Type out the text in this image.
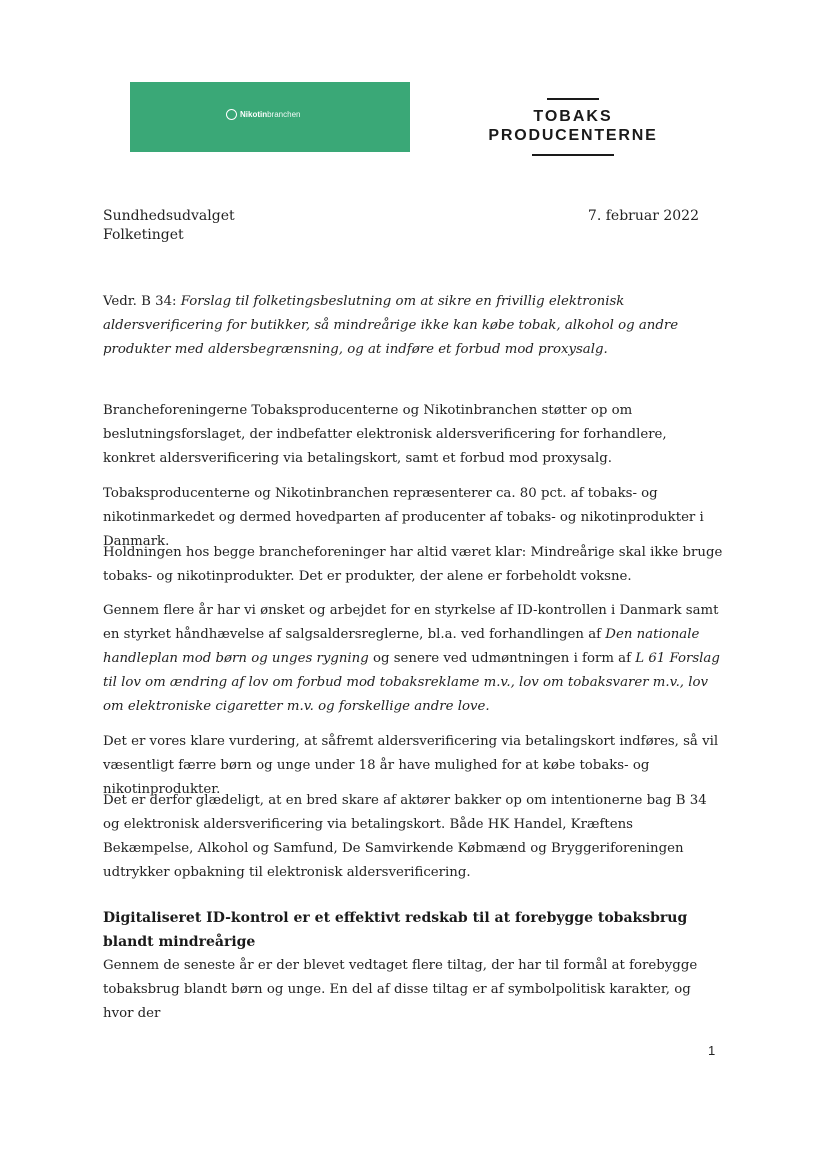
Nikotin branchen	TOBAKS
PRODUCENTERNE
Sundhedsudvalget
Folketinget
7. februar 2022

Vedr. B 34: Forslag til folketingsbeslutning om at sikre en frivillig elektronisk aldersverificering for butikker, så mindreårige ikke kan købe tobak, alkohol og andre produkter med aldersbegrænsning, og at indføre et forbud mod proxysalg.

Brancheforeningerne Tobaksproducenterne og Nikotinbranchen støtter op om beslutningsforslaget, der indbefatter elektronisk aldersverificering for forhandlere, konkret aldersverificering via betalingskort, samt et forbud mod proxysalg.

Tobaksproducenterne og Nikotinbranchen repræsenterer ca. 80 pct. af tobaks- og nikotinmarkedet og dermed hovedparten af producenter af tobaks- og nikotinprodukter i Danmark.

Holdningen hos begge brancheforeninger har altid været klar: Mindreårige skal ikke bruge tobaks- og nikotinprodukter. Det er produkter, der alene er forbeholdt voksne.

Gennem flere år har vi ønsket og arbejdet for en styrkelse af ID-kontrollen i Danmark samt en styrket håndhævelse af salgsaldersreglerne, bl.a. ved forhandlingen af Den nationale handleplan mod børn og unges rygning og senere ved udmøntningen i form af L 61 Forslag til lov om ændring af lov om forbud mod tobaksreklame m.v., lov om tobaksvarer m.v., lov om elektroniske cigaretter m.v. og forskellige andre love.

Det er vores klare vurdering, at såfremt aldersverificering via betalingskort indføres, så vil væsentligt færre børn og unge under 18 år have mulighed for at købe tobaks- og nikotinprodukter.

Det er derfor glædeligt, at en bred skare af aktører bakker op om intentionerne bag B 34 og elektronisk aldersverificering via betalingskort. Både HK Handel, Kræftens Bekæmpelse, Alkohol og Samfund, De Samvirkende Købmænd og Bryggeriforeningen udtrykker opbakning til elektronisk aldersverificering.

Digitaliseret ID-kontrol er et effektivt redskab til at forebygge tobaksbrug blandt mindreårige

Gennem de seneste år er der blevet vedtaget flere tiltag, der har til formål at forebygge tobaksbrug blandt børn og unge. En del af disse tiltag er af symbolpolitisk karakter, og hvor der

1
